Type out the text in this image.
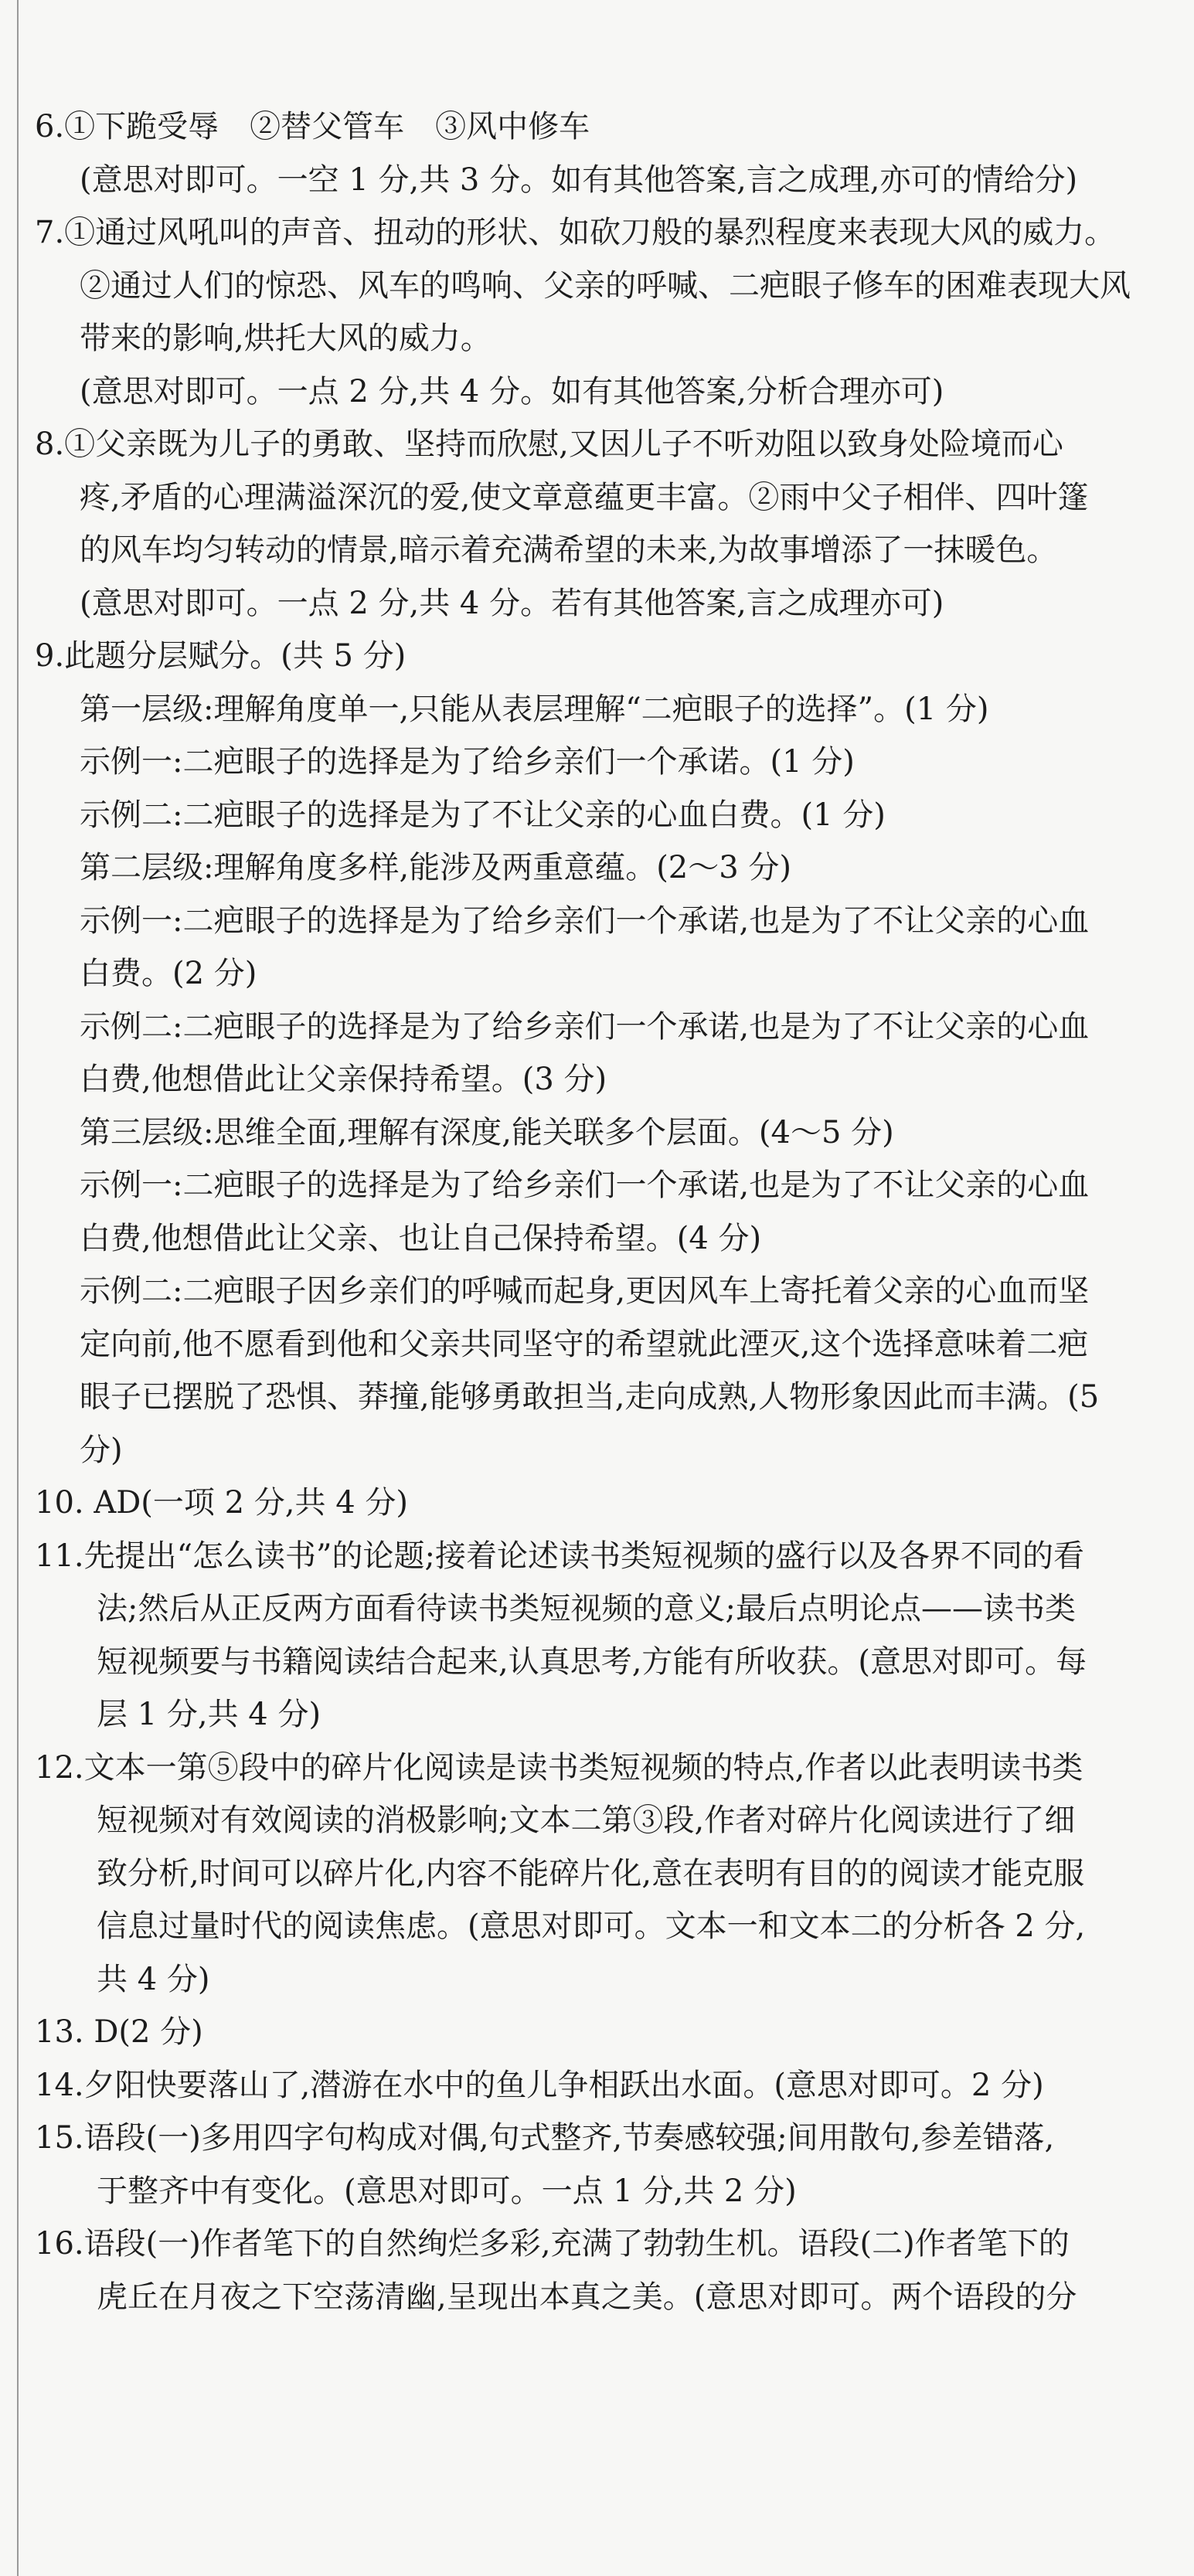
6.①下跪受辱　②替父管车　③风中修车
(意思对即可。一空 1 分,共 3 分。如有其他答案,言之成理,亦可的情给分)
7.①通过风吼叫的声音、扭动的形状、如砍刀般的暴烈程度来表现大风的威力。
②通过人们的惊恐、风车的鸣响、父亲的呼喊、二疤眼子修车的困难表现大风
带来的影响,烘托大风的威力。
(意思对即可。一点 2 分,共 4 分。如有其他答案,分析合理亦可)
8.①父亲既为儿子的勇敢、坚持而欣慰,又因儿子不听劝阻以致身处险境而心
疼,矛盾的心理满溢深沉的爱,使文章意蕴更丰富。②雨中父子相伴、四叶篷
的风车均匀转动的情景,暗示着充满希望的未来,为故事增添了一抹暖色。
(意思对即可。一点 2 分,共 4 分。若有其他答案,言之成理亦可)
9.此题分层赋分。(共 5 分)
第一层级:理解角度单一,只能从表层理解“二疤眼子的选择”。(1 分)
示例一:二疤眼子的选择是为了给乡亲们一个承诺。(1 分)
示例二:二疤眼子的选择是为了不让父亲的心血白费。(1 分)
第二层级:理解角度多样,能涉及两重意蕴。(2～3 分)
示例一:二疤眼子的选择是为了给乡亲们一个承诺,也是为了不让父亲的心血
白费。(2 分)
示例二:二疤眼子的选择是为了给乡亲们一个承诺,也是为了不让父亲的心血
白费,他想借此让父亲保持希望。(3 分)
第三层级:思维全面,理解有深度,能关联多个层面。(4～5 分)
示例一:二疤眼子的选择是为了给乡亲们一个承诺,也是为了不让父亲的心血
白费,他想借此让父亲、也让自己保持希望。(4 分)
示例二:二疤眼子因乡亲们的呼喊而起身,更因风车上寄托着父亲的心血而坚
定向前,他不愿看到他和父亲共同坚守的希望就此湮灭,这个选择意味着二疤
眼子已摆脱了恐惧、莽撞,能够勇敢担当,走向成熟,人物形象因此而丰满。(5
分)
10. AD(一项 2 分,共 4 分)
11.先提出“怎么读书”的论题;接着论述读书类短视频的盛行以及各界不同的看
法;然后从正反两方面看待读书类短视频的意义;最后点明论点——读书类
短视频要与书籍阅读结合起来,认真思考,方能有所收获。(意思对即可。每
层 1 分,共 4 分)
12.文本一第⑤段中的碎片化阅读是读书类短视频的特点,作者以此表明读书类
短视频对有效阅读的消极影响;文本二第③段,作者对碎片化阅读进行了细
致分析,时间可以碎片化,内容不能碎片化,意在表明有目的的阅读才能克服
信息过量时代的阅读焦虑。(意思对即可。文本一和文本二的分析各 2 分,
共 4 分)
13. D(2 分)
14.夕阳快要落山了,潜游在水中的鱼儿争相跃出水面。(意思对即可。2 分)
15.语段(一)多用四字句构成对偶,句式整齐,节奏感较强;间用散句,参差错落,
于整齐中有变化。(意思对即可。一点 1 分,共 2 分)
16.语段(一)作者笔下的自然绚烂多彩,充满了勃勃生机。语段(二)作者笔下的
虎丘在月夜之下空荡清幽,呈现出本真之美。(意思对即可。两个语段的分
